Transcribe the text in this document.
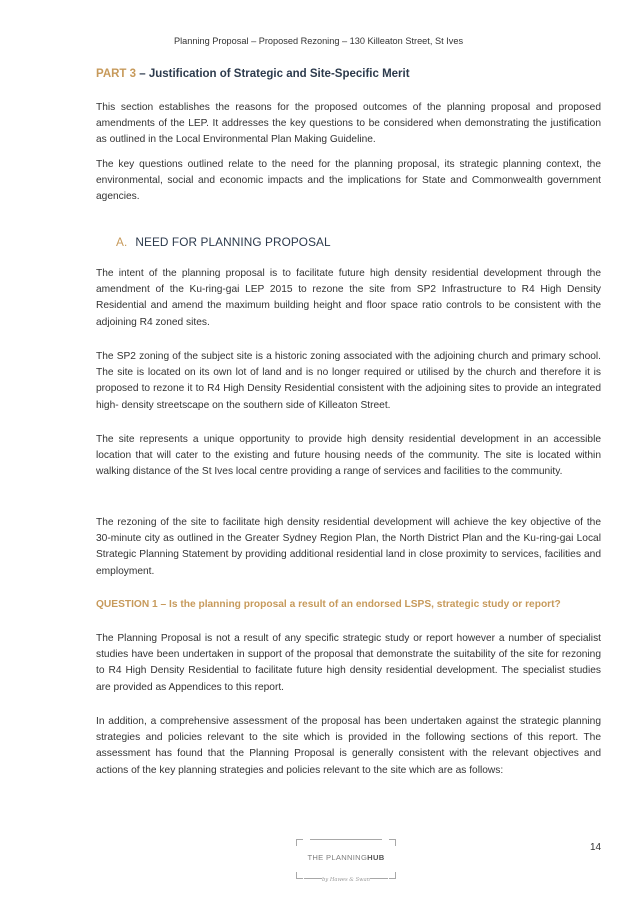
Planning Proposal – Proposed Rezoning – 130 Killeaton Street, St Ives
PART 3 – Justification of Strategic and Site-Specific Merit

This section establishes the reasons for the proposed outcomes of the planning proposal and proposed amendments of the LEP. It addresses the key questions to be considered when demonstrating the justification as outlined in the Local Environmental Plan Making Guideline.

The key questions outlined relate to the need for the planning proposal, its strategic planning context, the environmental, social and economic impacts and the implications for State and Commonwealth government agencies.

A. NEED FOR PLANNING PROPOSAL

The intent of the planning proposal is to facilitate future high density residential development through the amendment of the Ku-ring-gai LEP 2015 to rezone the site from SP2 Infrastructure to R4 High Density Residential and amend the maximum building height and floor space ratio controls to be consistent with the adjoining R4 zoned sites.

The SP2 zoning of the subject site is a historic zoning associated with the adjoining church and primary school. The site is located on its own lot of land and is no longer required or utilised by the church and therefore it is proposed to rezone it to R4 High Density Residential consistent with the adjoining sites to provide an integrated high- density streetscape on the southern side of Killeaton Street.

The site represents a unique opportunity to provide high density residential development in an accessible location that will cater to the existing and future housing needs of the community. The site is located within walking distance of the St Ives local centre providing a range of services and facilities to the community.

The rezoning of the site to facilitate high density residential development will achieve the key objective of the 30-minute city as outlined in the Greater Sydney Region Plan, the North District Plan and the Ku-ring-gai Local Strategic Planning Statement by providing additional residential land in close proximity to services, facilities and employment.

QUESTION 1 – Is the planning proposal a result of an endorsed LSPS, strategic study or report?

The Planning Proposal is not a result of any specific strategic study or report however a number of specialist studies have been undertaken in support of the proposal that demonstrate the suitability of the site for rezoning to R4 High Density Residential to facilitate future high density residential development. The specialist studies are provided as Appendices to this report.

In addition, a comprehensive assessment of the proposal has been undertaken against the strategic planning strategies and policies relevant to the site which is provided in the following sections of this report. The assessment has found that the Planning Proposal is generally consistent with the relevant objectives and actions of the key planning strategies and policies relevant to the site which are as follows:

THE PLANNINGHUB
by Hawes & Swan
14
